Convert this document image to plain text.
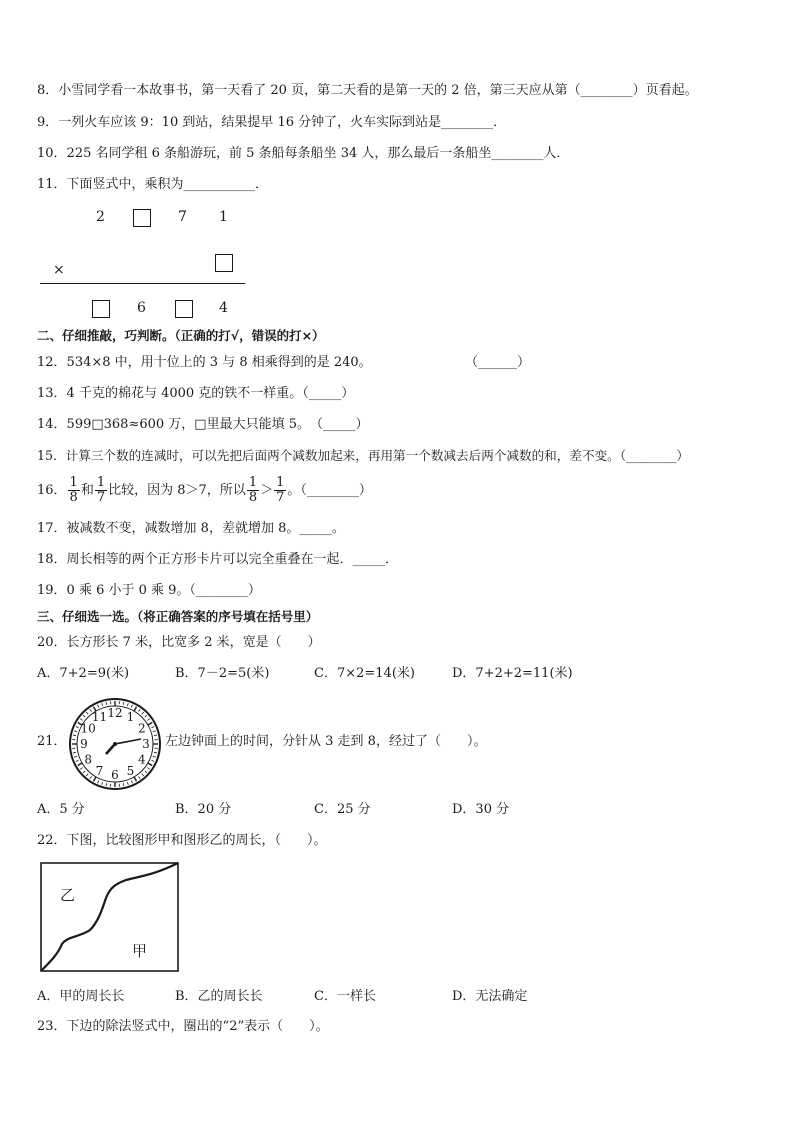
8．小雪同学看一本故事书，第一天看了 20 页，第二天看的是第一天的 2 倍，第三天应从第（________）页看起。
9．一列火车应该 9：10 到站，结果提早 16 分钟了，火车实际到站是________．
10．225 名同学租 6 条船游玩，前 5 条船每条船坐 34 人，那么最后一条船坐________人．
11．下面竖式中，乘积为___________．
2	7 1
×
6	4
二、仔细推敲，巧判断。（正确的打√，错误的打×）
12．534×8 中，用十位上的 3 与 8 相乘得到的是 240。	（______）
13．4 千克的棉花与 4000 克的铁不一样重。（_____）
14．599□368≈600 万，□里最大只能填 5。　（_____）
15．计算三个数的连减时，可以先把后面两个减数加起来，再用第一个数减去后两个减数的和，差不变。（________）
16． $\frac{1}{8}$ 和 $\frac{1}{7}$ 比较，因为 8＞7，所以 $\frac{1}{8} > \frac{1}{7}$ 。（________）
17．被减数不变，减数增加 8，差就增加 8。_____。
18．周长相等的两个正方形卡片可以完全重叠在一起．_____．
19．0 乘 6 小于 0 乘 9。（________）
三、仔细选一选。（将正确答案的序号填在括号里）
20．长方形长 7 米，比宽多 2 米，宽是（　　）
A．7+2=9(米)	B．7－2=5(米)	C．7×2=14(米)	D．7+2+2=11(米)
21．
12 1
2
3
4
5
6
7
8
9
10
11
左边钟面上的时间，分针从 3 走到 8，经过了（　　）。
A．5 分	B．20 分	C．25 分	D．30 分
22．下图，比较图形甲和图形乙的周长，（　　）。
乙
甲
A．甲的周长长	B．乙的周长长	C．一样长	D．无法确定
23．下边的除法竖式中，圈出的“2”表示（　　）。
